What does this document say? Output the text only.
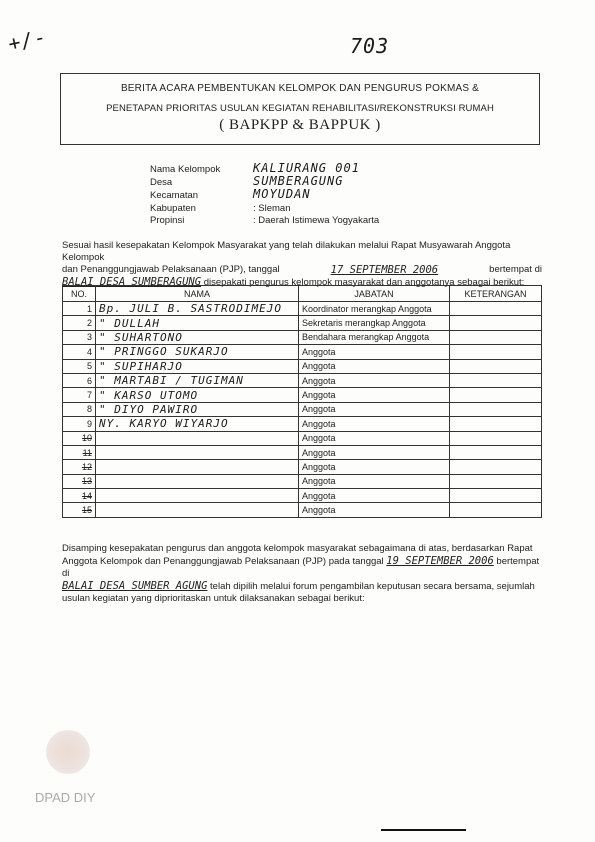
+/-	703
BERITA ACARA PEMBENTUKAN KELOMPOK DAN PENGURUS POKMAS &
PENETAPAN PRIORITAS USULAN KEGIATAN REHABILITASI/REKONSTRUKSI RUMAH
( BAPKPP & BAPPUK )
Nama Kelompok	KALIURANG 001
Desa	SUMBERAGUNG
Kecamatan	MOYUDAN
Kabupaten	: Sleman
Propinsi	: Daerah Istimewa Yogyakarta
Sesuai hasil kesepakatan Kelompok Masyarakat yang telah dilakukan melalui Rapat Musyawarah Anggota Kelompok
dan Penanggungjawab Pelaksanaan (PJP), tanggal	17 SEPTEMBER 2006	bertempat di
BALAI DESA SUMBERAGUNG disepakati pengurus kelompok masyarakat dan anggotanya sebagai berikut:
NO.	NAMA	JABATAN	KETERANGAN
1	Bp. JULI B. SASTRODIMEJO	Koordinator merangkap Anggota	
2	" DULLAH	Sekretaris merangkap Anggota	
3	" SUHARTONO	Bendahara merangkap Anggota	
4	" PRINGGO SUKARJO	Anggota	
5	" SUPIHARJO	Anggota	
6	" MARTABI / TUGIMAN	Anggota	
7	" KARSO UTOMO	Anggota	
8	" DIYO PAWIRO	Anggota	
9	NY. KARYO WIYARJO	Anggota	
10		Anggota	
11		Anggota	
12		Anggota	
13		Anggota	
14		Anggota	
15		Anggota	
Disamping kesepakatan pengurus dan anggota kelompok masyarakat sebagaimana di atas, berdasarkan Rapat
Anggota Kelompok dan Penanggungjawab Pelaksanaan (PJP) pada tanggal 19 SEPTEMBER 2006 bertempat di
BALAI DESA SUMBER AGUNG telah dipilih melalui forum pengambilan keputusan secara bersama, sejumlah
usulan kegiatan yang diprioritaskan untuk dilaksanakan sebagai berikut:
DPAD DIY
